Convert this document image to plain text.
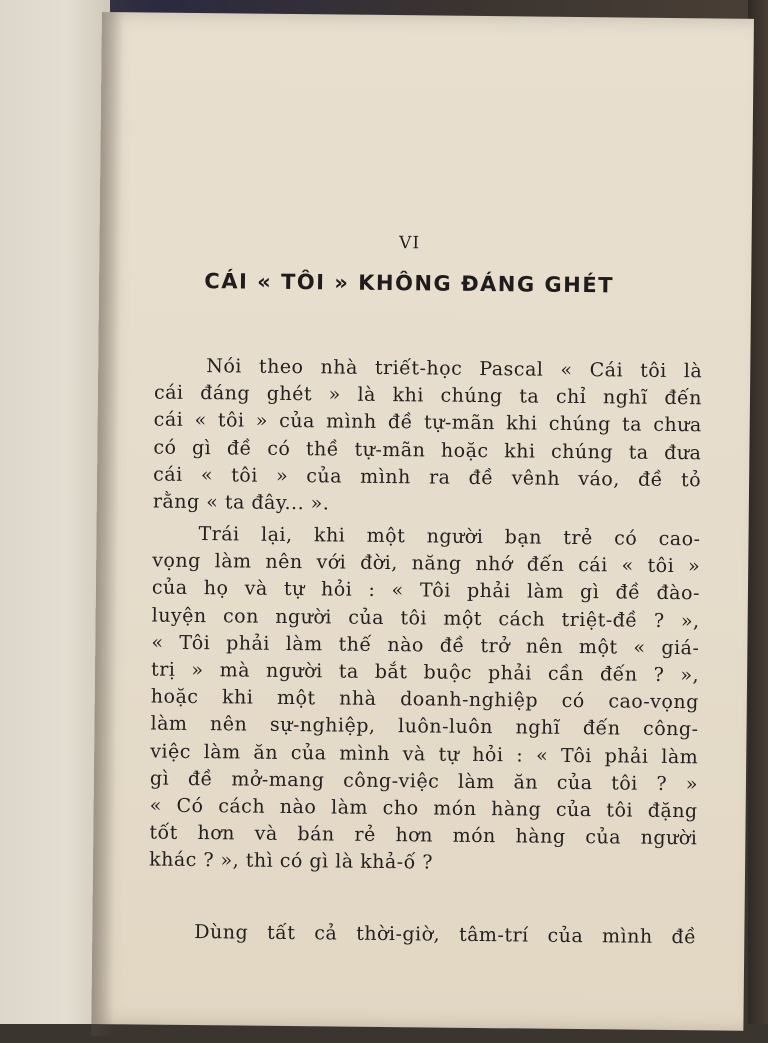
VI
CÁI « TÔI » KHÔNG ĐÁNG GHÉT
Nói theo nhà triết-học Pascal « Cái tôi là
cái đáng ghét » là khi chúng ta chỉ nghĩ đến
cái « tôi » của mình đề tự-mãn khi chúng ta chưa
có gì đề có thề tự-mãn hoặc khi chúng ta đưa
cái « tôi » của mình ra đề vênh váo, đề tỏ
rằng « ta đây... ».
Trái lại, khi một người bạn trẻ có cao-
vọng làm nên với đời, năng nhớ đến cái « tôi »
của họ và tự hỏi : « Tôi phải làm gì đề đào-
luyện con người của tôi một cách triệt-đề ? »,
« Tôi phải làm thế nào đề trở nên một « giá-
trị » mà người ta bắt buộc phải cần đến ? »,
hoặc khi một nhà doanh-nghiệp có cao-vọng
làm nên sự-nghiệp, luôn-luôn nghĩ đến công-
việc làm ăn của mình và tự hỏi : « Tôi phải làm
gì đề mở-mang công-việc làm ăn của tôi ? »
« Có cách nào làm cho món hàng của tôi đặng
tốt hơn và bán rẻ hơn món hàng của người
khác ? », thì có gì là khả-ố ?
Dùng tất cả thời-giờ, tâm-trí của mình đề
